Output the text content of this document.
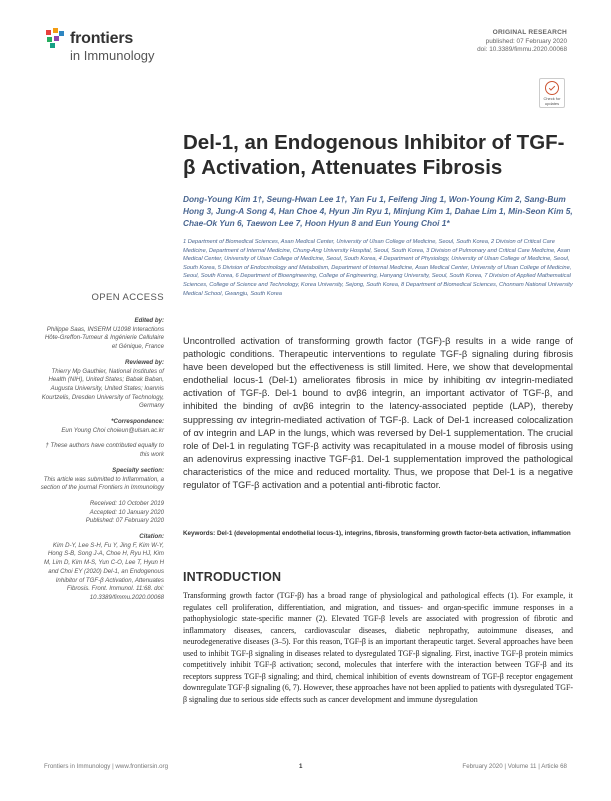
frontiers
in Immunology
ORIGINAL RESEARCH
published: 07 February 2020
doi: 10.3389/fimmu.2020.00068
Check for updates
Del-1, an Endogenous Inhibitor of TGF-β Activation, Attenuates Fibrosis
Dong-Young Kim 1†, Seung-Hwan Lee 1†, Yan Fu 1, Feifeng Jing 1, Won-Young Kim 2, Sang-Bum Hong 3, Jung-A Song 4, Han Choe 4, Hyun Jin Ryu 1, Minjung Kim 1, Dahae Lim 1, Min-Seon Kim 5, Chae-Ok Yun 6, Taewon Lee 7, Hoon Hyun 8 and Eun Young Choi 1*
1 Department of Biomedical Sciences, Asan Medical Center, University of Ulsan College of Medicine, Seoul, South Korea, 2 Division of Critical Care Medicine, Department of Internal Medicine, Chung-Ang University Hospital, Seoul, South Korea, 3 Division of Pulmonary and Critical Care Medicine, Asan Medical Center, University of Ulsan College of Medicine, Seoul, South Korea, 4 Department of Physiology, University of Ulsan College of Medicine, Seoul, South Korea, 5 Division of Endocrinology and Metabolism, Department of Internal Medicine, Asan Medical Center, University of Ulsan College of Medicine, Seoul, South Korea, 6 Department of Bioengineering, College of Engineering, Hanyang University, Seoul, South Korea, 7 Division of Applied Mathematical Sciences, College of Science and Technology, Korea University, Sejong, South Korea, 8 Department of Biomedical Sciences, Chonnam National University Medical School, Gwangju, South Korea
Uncontrolled activation of transforming growth factor (TGF)-β results in a wide range of pathologic conditions. Therapeutic interventions to regulate TGF-β signaling during fibrosis have been developed but the effectiveness is still limited. Here, we show that developmental endothelial locus-1 (Del-1) ameliorates fibrosis in mice by inhibiting αv integrin-mediated activation of TGF-β. Del-1 bound to αvβ6 integrin, an important activator of TGF-β, and inhibited the binding of αvβ6 integrin to the latency-associated peptide (LAP), thereby suppressing αv integrin-mediated activation of TGF-β. Lack of Del-1 increased colocalization of αv integrin and LAP in the lungs, which was reversed by Del-1 supplementation. The crucial role of Del-1 in regulating TGF-β activity was recapitulated in a mouse model of fibrosis using an adenovirus expressing inactive TGF-β1. Del-1 supplementation improved the pathological characteristics of the mice and reduced mortality. Thus, we propose that Del-1 is a negative regulator of TGF-β activation and a potential anti-fibrotic factor.
Keywords: Del-1 (developmental endothelial locus-1), integrins, fibrosis, transforming growth factor-beta activation, inflammation
INTRODUCTION
Transforming growth factor (TGF-β) has a broad range of physiological and pathological effects (1). For example, it regulates cell proliferation, differentiation, and migration, and tissues- and organ-specific immune responses in a pathophysiologic state-specific manner (2). Elevated TGF-β levels are associated with progression of fibrotic and inflammatory diseases, cancers, cardiovascular diseases, diabetic nephropathy, autoimmune diseases, and neurodegenerative diseases (3–5). For this reason, TGF-β is an important therapeutic target. Several approaches have been used to inhibit TGF-β signaling in diseases related to dysregulated TGF-β signaling. First, inactive TGF-β protein mimics competitively inhibit TGF-β activation; second, molecules that interfere with the interaction between TGF-β and its receptors suppress TGF-β signaling; and third, chemical inhibition of events downstream of TGF-β receptor engagement downregulate TGF-β signaling (6, 7). However, these approaches have not been applied to patients with dysregulated TGF-β signaling due to serious side effects such as cancer development and immune dysregulation
OPEN ACCESS
Edited by:
Philippe Saas, INSERM U1098 Interactions Hôte-Greffon-Tumeur & Ingénierie Cellulaire et Génique, France
Reviewed by:
Thierry Mp Gauthier, National Institutes of Health (NIH), United States; Babak Baban, Augusta University, United States; Ioannis Kourtzelis, Dresden University of Technology, Germany
*Correspondence:
Eun Young Choi choieun@ulsan.ac.kr
† These authors have contributed equally to this work
Specialty section:
This article was submitted to Inflammation, a section of the journal Frontiers in Immunology
Received: 10 October 2019
Accepted: 10 January 2020
Published: 07 February 2020
Citation:
Kim D-Y, Lee S-H, Fu Y, Jing F, Kim W-Y, Hong S-B, Song J-A, Choe H, Ryu HJ, Kim M, Lim D, Kim M-S, Yun C-O, Lee T, Hyun H and Choi EY (2020) Del-1, an Endogenous Inhibitor of TGF-β Activation, Attenuates Fibrosis. Front. Immunol. 11:68. doi: 10.3389/fimmu.2020.00068
Frontiers in Immunology | www.frontiersin.org	1	February 2020 | Volume 11 | Article 68
